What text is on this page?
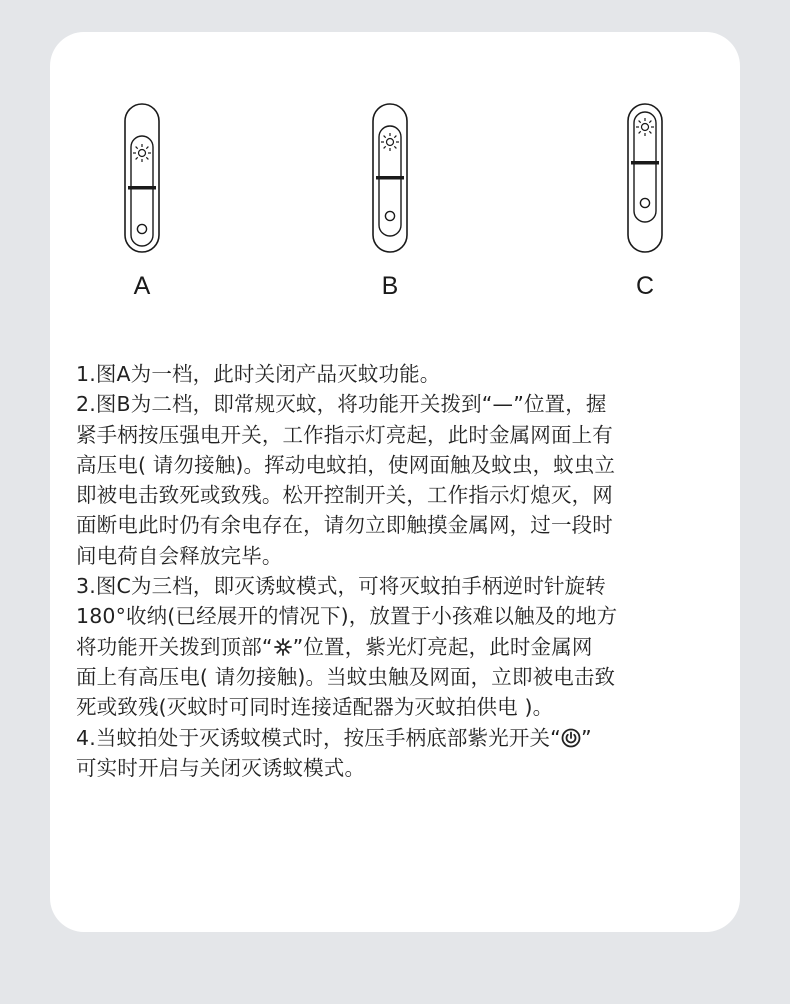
A	B	C
1.图A为一档，此时关闭产品灭蚊功能。
2.图B为二档，即常规灭蚊，将功能开关拨到“—”位置，握
紧手柄按压强电开关，工作指示灯亮起，此时金属网面上有
高压电( 请勿接触)。挥动电蚊拍，使网面触及蚊虫，蚊虫立
即被电击致死或致残。松开控制开关，工作指示灯熄灭，网
面断电此时仍有余电存在，请勿立即触摸金属网，过一段时
间电荷自会释放完毕。
3.图C为三档，即灭诱蚊模式，可将灭蚊拍手柄逆时针旋转
180°收纳(已经展开的情况下)，放置于小孩难以触及的地方
将功能开关拨到顶部“ ”位置，紫光灯亮起，此时金属网
面上有高压电( 请勿接触)。当蚊虫触及网面，立即被电击致
死或致残(灭蚊时可同时连接适配器为灭蚊拍供电 )。
4.当蚊拍处于灭诱蚊模式时，按压手柄底部紫光开关“ ”
可实时开启与关闭灭诱蚊模式。
